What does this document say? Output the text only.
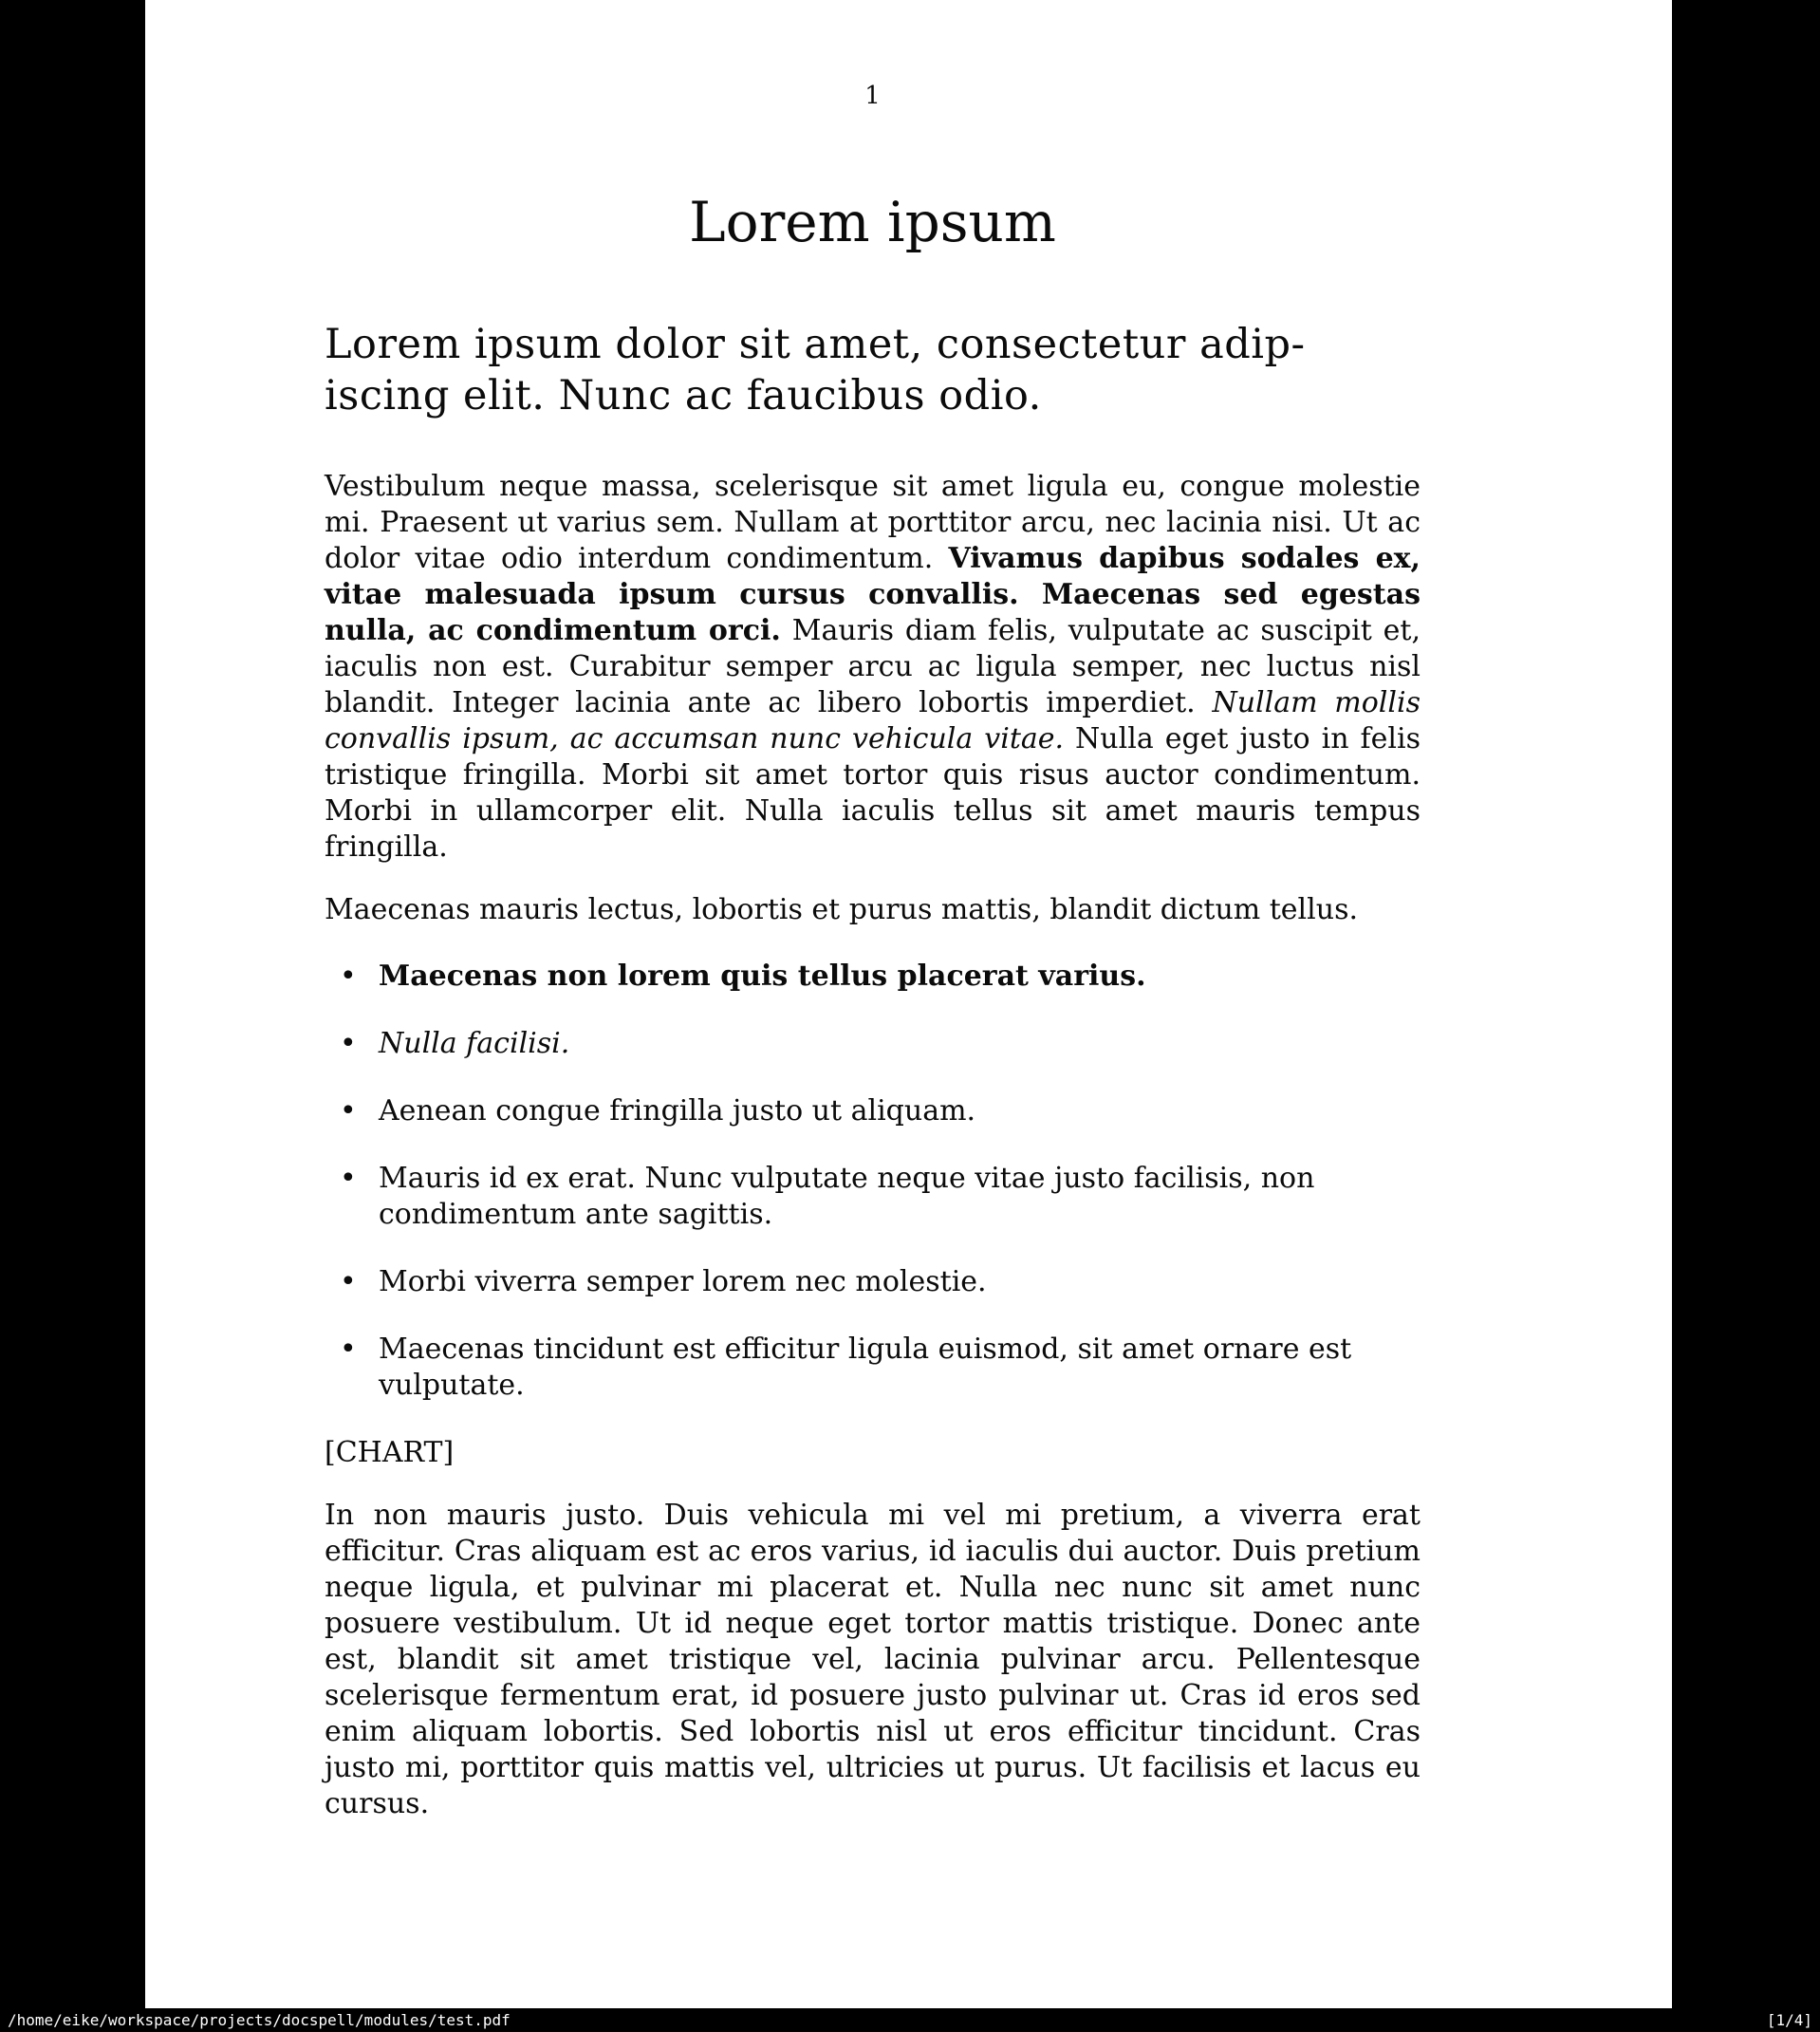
1
Lorem ipsum
Lorem ipsum dolor sit amet, consectetur adip-
iscing elit. Nunc ac faucibus odio.

Vestibulum neque massa, scelerisque sit amet ligula eu, congue molestie mi. Praesent ut varius sem. Nullam at porttitor arcu, nec lacinia nisi. Ut ac dolor vitae odio interdum condimentum. Vivamus dapibus sodales ex, vitae malesuada ipsum cursus convallis. Maecenas sed egestas nulla, ac condimentum orci. Mauris diam felis, vulputate ac suscipit et, iaculis non est. Curabitur semper arcu ac ligula semper, nec luctus nisl blandit. Integer lacinia ante ac libero lobortis imperdiet. Nullam mollis convallis ipsum, ac accumsan nunc vehicula vitae. Nulla eget justo in felis tristique fringilla. Morbi sit amet tortor quis risus auctor condimentum. Morbi in ullamcorper elit. Nulla iaculis tellus sit amet mauris tempus fringilla.

Maecenas mauris lectus, lobortis et purus mattis, blandit dictum tellus.

• Maecenas non lorem quis tellus placerat varius.
• Nulla facilisi.
• Aenean congue fringilla justo ut aliquam.
• Mauris id ex erat. Nunc vulputate neque vitae justo facilisis, non condimentum ante sagittis.
• Morbi viverra semper lorem nec molestie.
• Maecenas tincidunt est efficitur ligula euismod, sit amet ornare est vulputate.
[CHART]

In non mauris justo. Duis vehicula mi vel mi pretium, a viverra erat efficitur. Cras aliquam est ac eros varius, id iaculis dui auctor. Duis pretium neque ligula, et pulvinar mi placerat et. Nulla nec nunc sit amet nunc posuere vestibulum. Ut id neque eget tortor mattis tristique. Donec ante est, blandit sit amet tristique vel, lacinia pulvinar arcu. Pellentesque scelerisque fermentum erat, id posuere justo pulvinar ut. Cras id eros sed enim aliquam lobortis. Sed lobortis nisl ut eros efficitur tincidunt. Cras justo mi, porttitor quis mattis vel, ultricies ut purus. Ut facilisis et lacus eu cursus.

/home/eike/workspace/projects/docspell/modules/test.pdf	[1/4]
